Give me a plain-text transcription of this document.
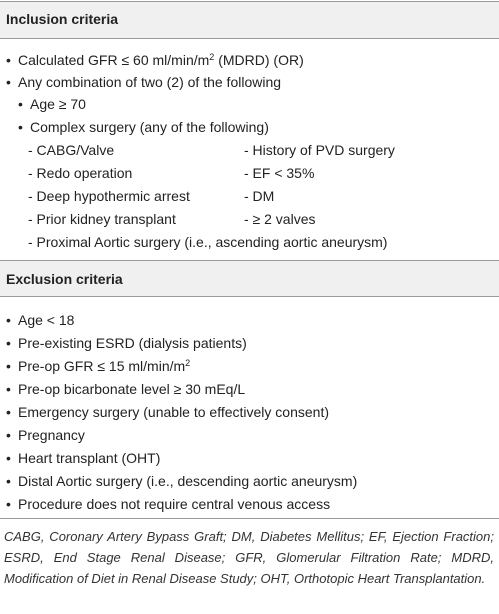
Inclusion criteria
• Calculated GFR ≤ 60 $ml/\min/m^2$ (MDRD) (OR)
• Any combination of two (2) of the following
• Age ≥ 70
• Complex surgery (any of the following)
- CABG/Valve	- History of PVD surgery
- Redo operation	- EF < 35%
- Deep hypothermic arrest	- DM
- Prior kidney transplant	- ≥ 2 valves
- Proximal Aortic surgery (i.e., ascending aortic aneurysm)
Exclusion criteria
• Age < 18
• Pre-existing ESRD (dialysis patients)
• Pre-op GFR ≤ 15 $ml/\min/m^2$
• Pre-op bicarbonate level ≥ 30 mEq/L
• Emergency surgery (unable to effectively consent)
• Pregnancy
• Heart transplant (OHT)
• Distal Aortic surgery (i.e., descending aortic aneurysm)
• Procedure does not require central venous access
CABG, Coronary Artery Bypass Graft; DM, Diabetes Mellitus; EF, Ejection Fraction; ESRD, End Stage Renal Disease; GFR, Glomerular Filtration Rate; MDRD, Modification of Diet in Renal Disease Study; OHT, Orthotopic Heart Transplantation.
